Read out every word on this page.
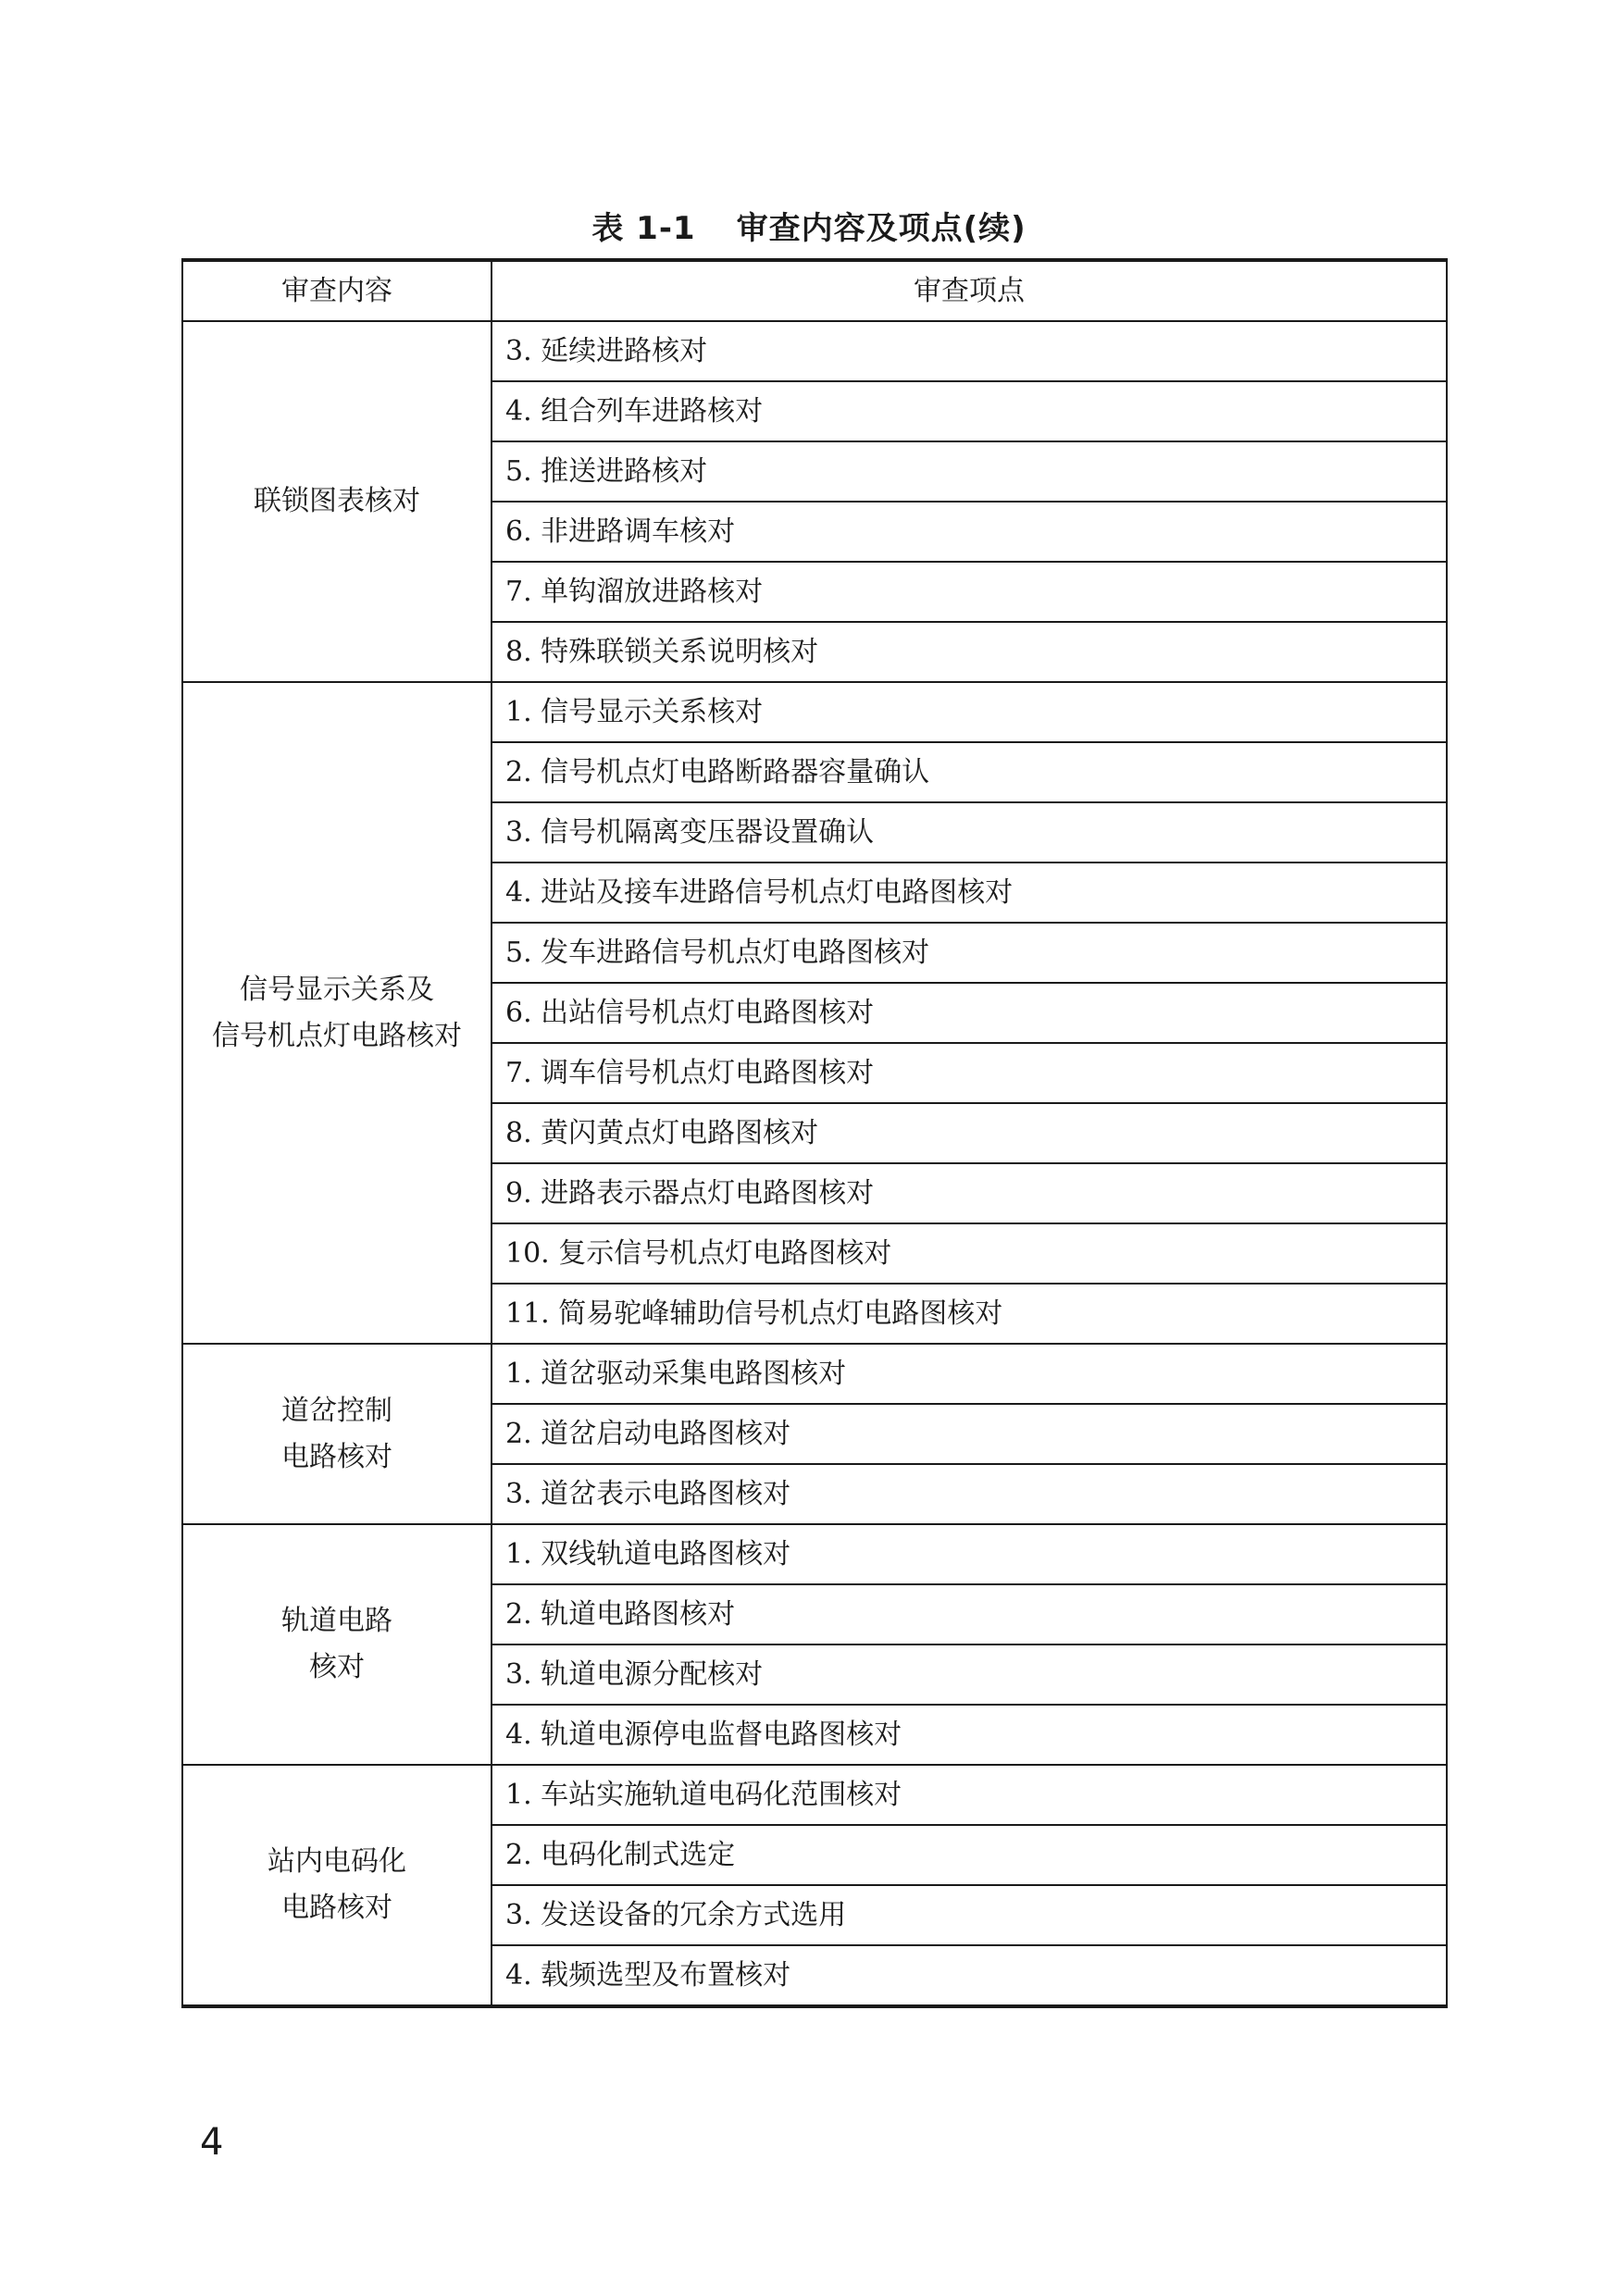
表 1-1 审查内容及项点(续)
审查内容	审查项点

联锁图表核对	3. 延续进路核对
	4. 组合列车进路核对
	5. 推送进路核对
	6. 非进路调车核对
	7. 单钩溜放进路核对
	8. 特殊联锁关系说明核对

信号显示关系及
信号机点灯电路核对	1. 信号显示关系核对
	2. 信号机点灯电路断路器容量确认
	3. 信号机隔离变压器设置确认
	4. 进站及接车进路信号机点灯电路图核对
	5. 发车进路信号机点灯电路图核对
	6. 出站信号机点灯电路图核对
	7. 调车信号机点灯电路图核对
	8. 黄闪黄点灯电路图核对
	9. 进路表示器点灯电路图核对
	10. 复示信号机点灯电路图核对
	11. 简易驼峰辅助信号机点灯电路图核对

道岔控制
电路核对	1. 道岔驱动采集电路图核对
	2. 道岔启动电路图核对
	3. 道岔表示电路图核对

轨道电路
核对	1. 双线轨道电路图核对
	2. 轨道电路图核对
	3. 轨道电源分配核对
	4. 轨道电源停电监督电路图核对

站内电码化
电路核对	1. 车站实施轨道电码化范围核对
	2. 电码化制式选定
	3. 发送设备的冗余方式选用
	4. 载频选型及布置核对
4
